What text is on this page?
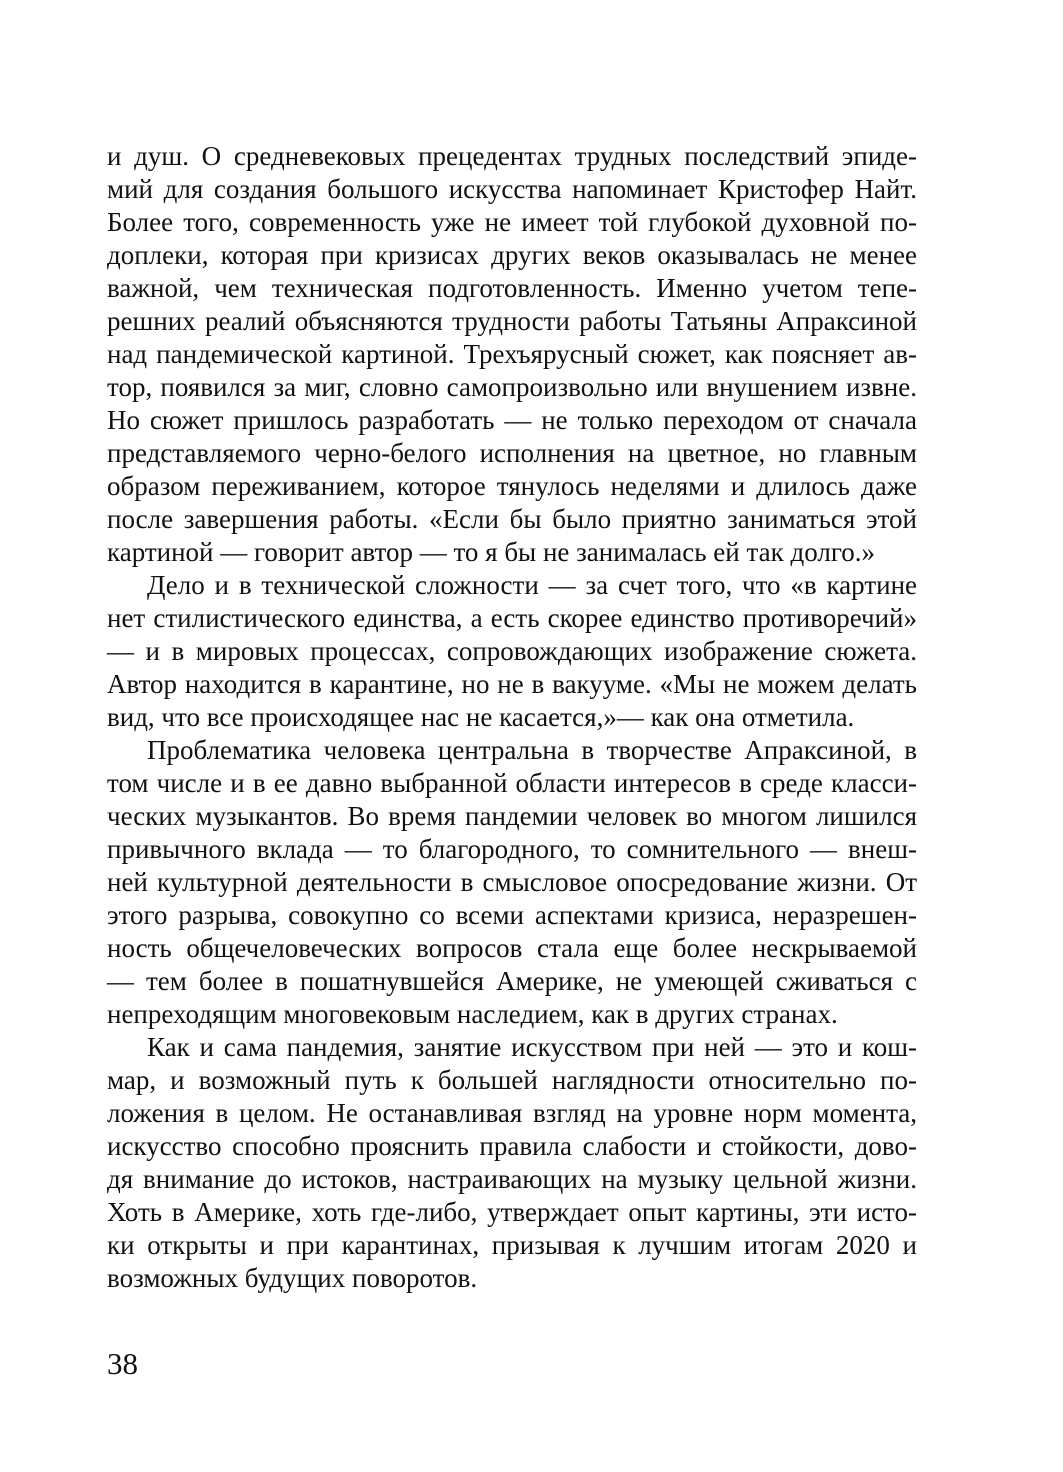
и душ. О средневековых прецедентах трудных последствий эпиде-
мий для создания большого искусства напоминает Кристофер Найт.
Более того, современность уже не имеет той глубокой духовной по-
доплеки, которая при кризисах других веков оказывалась не менее
важной, чем техническая подготовленность. Именно учетом тепе-
решних реалий объясняются трудности работы Татьяны Апраксиной
над пандемической картиной. Трехъярусный сюжет, как поясняет ав-
тор, появился за миг, словно самопроизвольно или внушением извне.
Но сюжет пришлось разработать — не только переходом от сначала
представляемого черно-белого исполнения на цветное, но главным
образом переживанием, которое тянулось неделями и длилось даже
после завершения работы. «Если бы было приятно заниматься этой
картиной — говорит автор — то я бы не занималась ей так долго.»
Дело и в технической сложности — за счет того, что «в картине
нет стилистического единства, а есть скорее единство противоречий»
— и в мировых процессах, сопровождающих изображение сюжета.
Автор находится в карантине, но не в вакууме. «Мы не можем делать
вид, что все происходящее нас не касается,»— как она отметила.
Проблематика человека центральна в творчестве Апраксиной, в
том числе и в ее давно выбранной области интересов в среде класси-
ческих музыкантов. Во время пандемии человек во многом лишился
привычного вклада — то благородного, то сомнительного — внеш-
ней культурной деятельности в смысловое опосредование жизни. От
этого разрыва, совокупно со всеми аспектами кризиса, неразрешен-
ность общечеловеческих вопросов стала еще более нескрываемой
— тем более в пошатнувшейся Америке, не умеющей сживаться с
непреходящим многовековым наследием, как в других странах.
Как и сама пандемия, занятие искусством при ней — это и кош-
мар, и возможный путь к большей наглядности относительно по-
ложения в целом. Не останавливая взгляд на уровне норм момента,
искусство способно прояснить правила слабости и стойкости, дово-
дя внимание до истоков, настраивающих на музыку цельной жизни.
Хоть в Америке, хоть где-либо, утверждает опыт картины, эти исто-
ки открыты и при карантинах, призывая к лучшим итогам 2020 и
возможных будущих поворотов.
38
